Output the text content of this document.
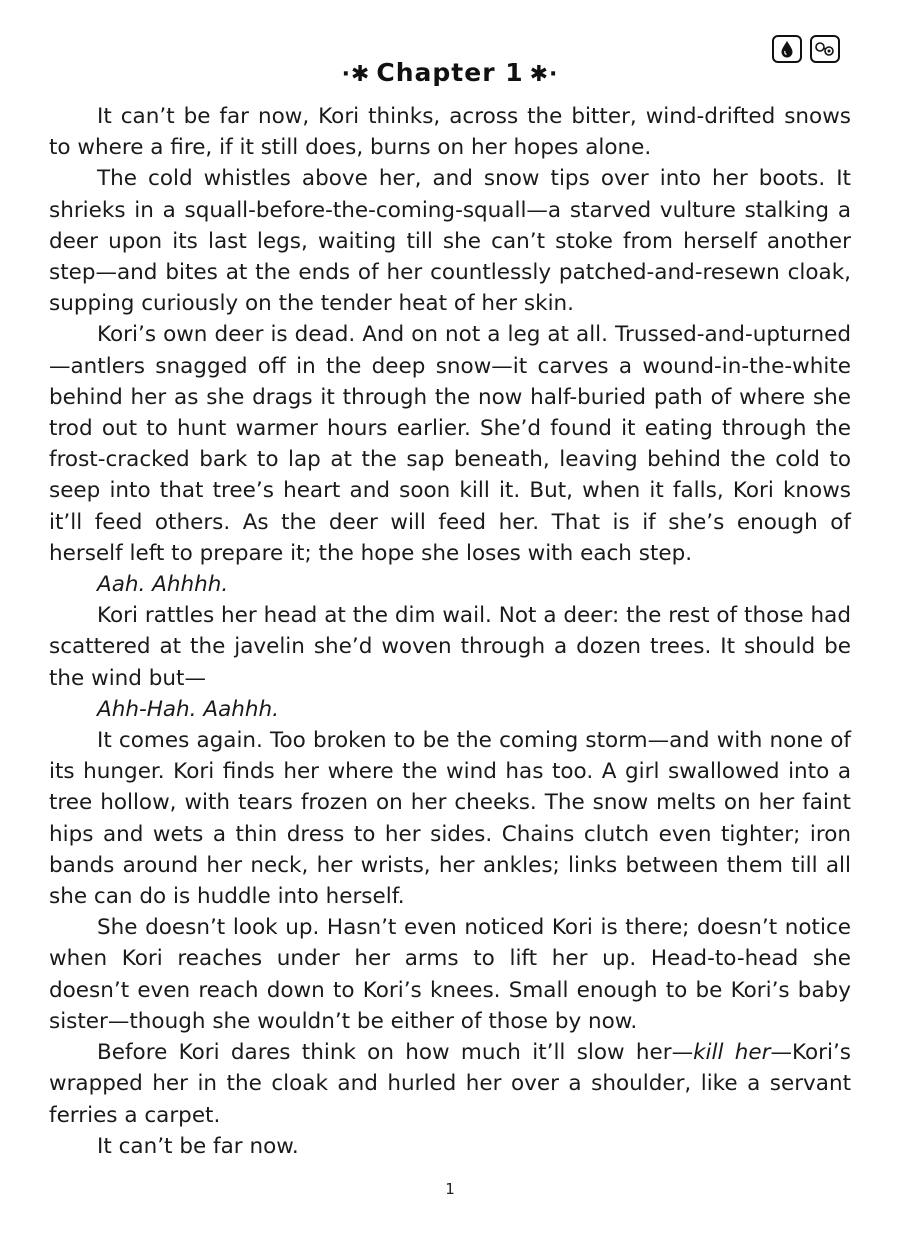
·✱ Chapter 1 ✱·

It can’t be far now, Kori thinks, across the bitter, wind-drifted snows to where a fire, if it still does, burns on her hopes alone.

The cold whistles above her, and snow tips over into her boots. It shrieks in a squall-before-the-coming-squall—a starved vulture stalking a deer upon its last legs, waiting till she can’t stoke from herself another step—and bites at the ends of her countlessly patched-and-resewn cloak, supping curiously on the tender heat of her skin.

Kori’s own deer is dead. And on not a leg at all. Trussed-and-upturned—antlers snagged off in the deep snow—it carves a wound-in-the-white behind her as she drags it through the now half-buried path of where she trod out to hunt warmer hours earlier. She’d found it eating through the frost-cracked bark to lap at the sap beneath, leaving behind the cold to seep into that tree’s heart and soon kill it. But, when it falls, Kori knows it’ll feed others. As the deer will feed her. That is if she’s enough of herself left to prepare it; the hope she loses with each step.

Aah. Ahhhh.

Kori rattles her head at the dim wail. Not a deer: the rest of those had scattered at the javelin she’d woven through a dozen trees. It should be the wind but—

Ahh-Hah. Aahhh.

It comes again. Too broken to be the coming storm—and with none of its hunger. Kori finds her where the wind has too. A girl swallowed into a tree hollow, with tears frozen on her cheeks. The snow melts on her faint hips and wets a thin dress to her sides. Chains clutch even tighter; iron bands around her neck, her wrists, her ankles; links between them till all she can do is huddle into herself.

She doesn’t look up. Hasn’t even noticed Kori is there; doesn’t notice when Kori reaches under her arms to lift her up. Head-to-head she doesn’t even reach down to Kori’s knees. Small enough to be Kori’s baby sister—though she wouldn’t be either of those by now.

Before Kori dares think on how much it’ll slow her—kill her—Kori’s wrapped her in the cloak and hurled her over a shoulder, like a servant ferries a carpet.

It can’t be far now.

1
